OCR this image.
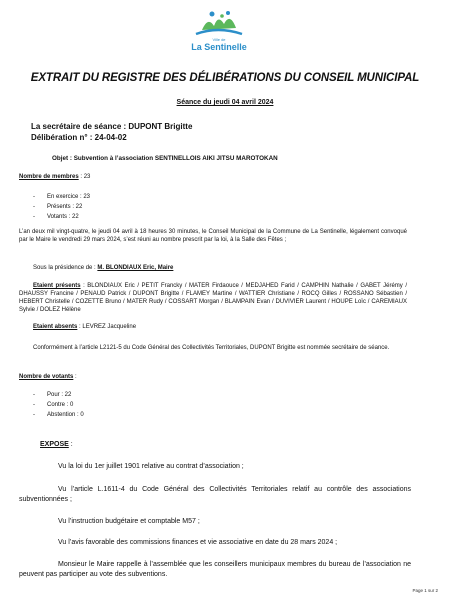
Ville de
La Sentinelle
EXTRAIT DU REGISTRE DES DÉLIBÉRATIONS DU CONSEIL MUNICIPAL
Séance du jeudi 04 avril 2024
La secrétaire de séance : DUPONT Brigitte
Délibération n° : 24-04-02
Objet : Subvention à l’association SENTINELLOIS AIKI JITSU MAROTOKAN
Nombre de membres : 23
- En exercice : 23
- Présents : 22
- Votants : 22
L’an deux mil vingt-quatre, le jeudi 04 avril à 18 heures 30 minutes, le Conseil Municipal de la Commune de La Sentinelle, légalement convoqué par le Maire le vendredi 29 mars 2024, s’est réuni au nombre prescrit par la loi, à la Salle des Fêtes ;
Sous la présidence de : M. BLONDIAUX Eric, Maire
Etaient présents : BLONDIAUX Eric / PETIT Francky / MATER Firdaouce / MEDJAHED Farid / CAMPHIN Nathalie / GABET Jérémy / DHAUSSY Francine / PENAUD Patrick / DUPONT Brigitte / FLAMEY Martine / WATTIER Christiane / ROCQ Gilles / ROSSANO Sébastien / HEBERT Christelle / COZETTE Bruno / MATER Rudy / COSSART Morgan / BLAMPAIN Evan / DUVIVIER Laurent / HOUPE Loïc / CAREMIAUX Sylvie / DOLEZ Hélène
Etaient absents : LEVREZ Jacqueline
Conformément à l’article L2121-5 du Code Général des Collectivités Territoriales, DUPONT Brigitte est nommée secrétaire de séance.
Nombre de votants :
- Pour : 22
- Contre : 0
- Abstention : 0
EXPOSE :
Vu la loi du 1er juillet 1901 relative au contrat d’association ;
Vu l’article L.1611-4 du Code Général des Collectivités Territoriales relatif au contrôle des associations subventionnées ;
Vu l’instruction budgétaire et comptable M57 ;
Vu l’avis favorable des commissions finances et vie associative en date du 28 mars 2024 ;
Monsieur le Maire rappelle à l’assemblée que les conseillers municipaux membres du bureau de l’association ne peuvent pas participer au vote des subventions.
Page 1 sur 2
